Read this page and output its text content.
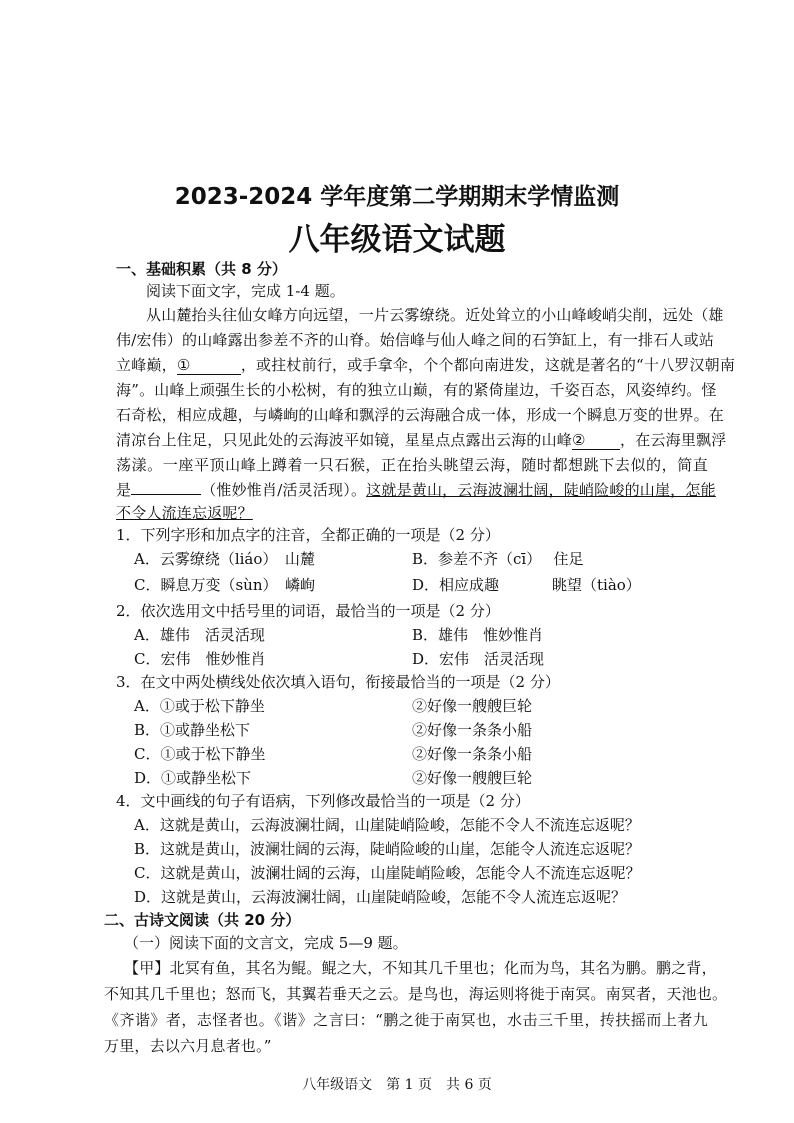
2023-2024 学年度第二学期期末学情监测
八年级语文试题
一、基础积累（共 8 分）
阅读下面文字，完成 1-4 题。
从山麓抬头往仙女峰方向远望，一片云雾缭绕。近处耸立的小山峰峻峭尖削，远处（雄
伟/宏伟）的山峰露出参差不齐的山脊。始信峰与仙人峰之间的石笋缸上，有一排石人或站
立峰巅，①	，或拄杖前行，或手拿伞，个个都向南进发，这就是著名的“十八罗汉朝南
海”。山峰上顽强生长的小松树，有的独立山巅，有的紧倚崖边，千姿百态，风姿绰约。怪
石奇松，相应成趣，与嶙峋的山峰和飘浮的云海融合成一体，形成一个瞬息万变的世界。在
清凉台上住足，只见此处的云海波平如镜，星星点点露出云海的山峰② ，在云海里飘浮
荡漾。一座平顶山峰上蹲着一只石猴，正在抬头眺望云海，随时都想跳下去似的，简直
是	（惟妙惟肖/活灵活现）。这就是黄山，云海波澜壮阔，陡峭险峻的山崖，怎能
不令人流连忘返呢？
1．下列字形和加点字的注音，全都正确的一项是（2 分）
A．云雾缭绕（liáo）　山麓	B．参差不齐（cī）　 住足
C．瞬息万变（sùn）　嶙峋	D．相应成趣	眺望（tiào）
2．依次选用文中括号里的词语，最恰当的一项是（2 分）
A．雄伟　活灵活现	B．雄伟　惟妙惟肖
C．宏伟　惟妙惟肖	D．宏伟　活灵活现
3．在文中两处横线处依次填入语句，衔接最恰当的一项是（2 分）
A．①或于松下静坐	②好像一艘艘巨轮
B．①或静坐松下	②好像一条条小船
C．①或于松下静坐	②好像一条条小船
D．①或静坐松下	②好像一艘艘巨轮
4．文中画线的句子有语病，下列修改最恰当的一项是（2 分）
A．这就是黄山，云海波澜壮阔，山崖陡峭险峻，怎能不令人不流连忘返呢？
B．这就是黄山，波澜壮阔的云海，陡峭险峻的山崖，怎能令人流连忘返呢？
C．这就是黄山，波澜壮阔的云海，山崖陡峭险峻，怎能令人不流连忘返呢？
D．这就是黄山，云海波澜壮阔，山崖陡峭险峻，怎能不令人流连忘返呢？
二、古诗文阅读（共 20 分）
（一）阅读下面的文言文，完成 5—9 题。
【甲】北冥有鱼，其名为鲲。鲲之大，不知其几千里也；化而为鸟，其名为鹏。鹏之背，
不知其几千里也；怒而飞，其翼若垂天之云。是鸟也，海运则将徙于南冥。南冥者，天池也。
《齐谐》者，志怪者也。《谐》之言曰：“鹏之徙于南冥也，水击三千里，抟扶摇而上者九
万里，去以六月息者也。”
八年级语文　第 1 页　共 6 页
